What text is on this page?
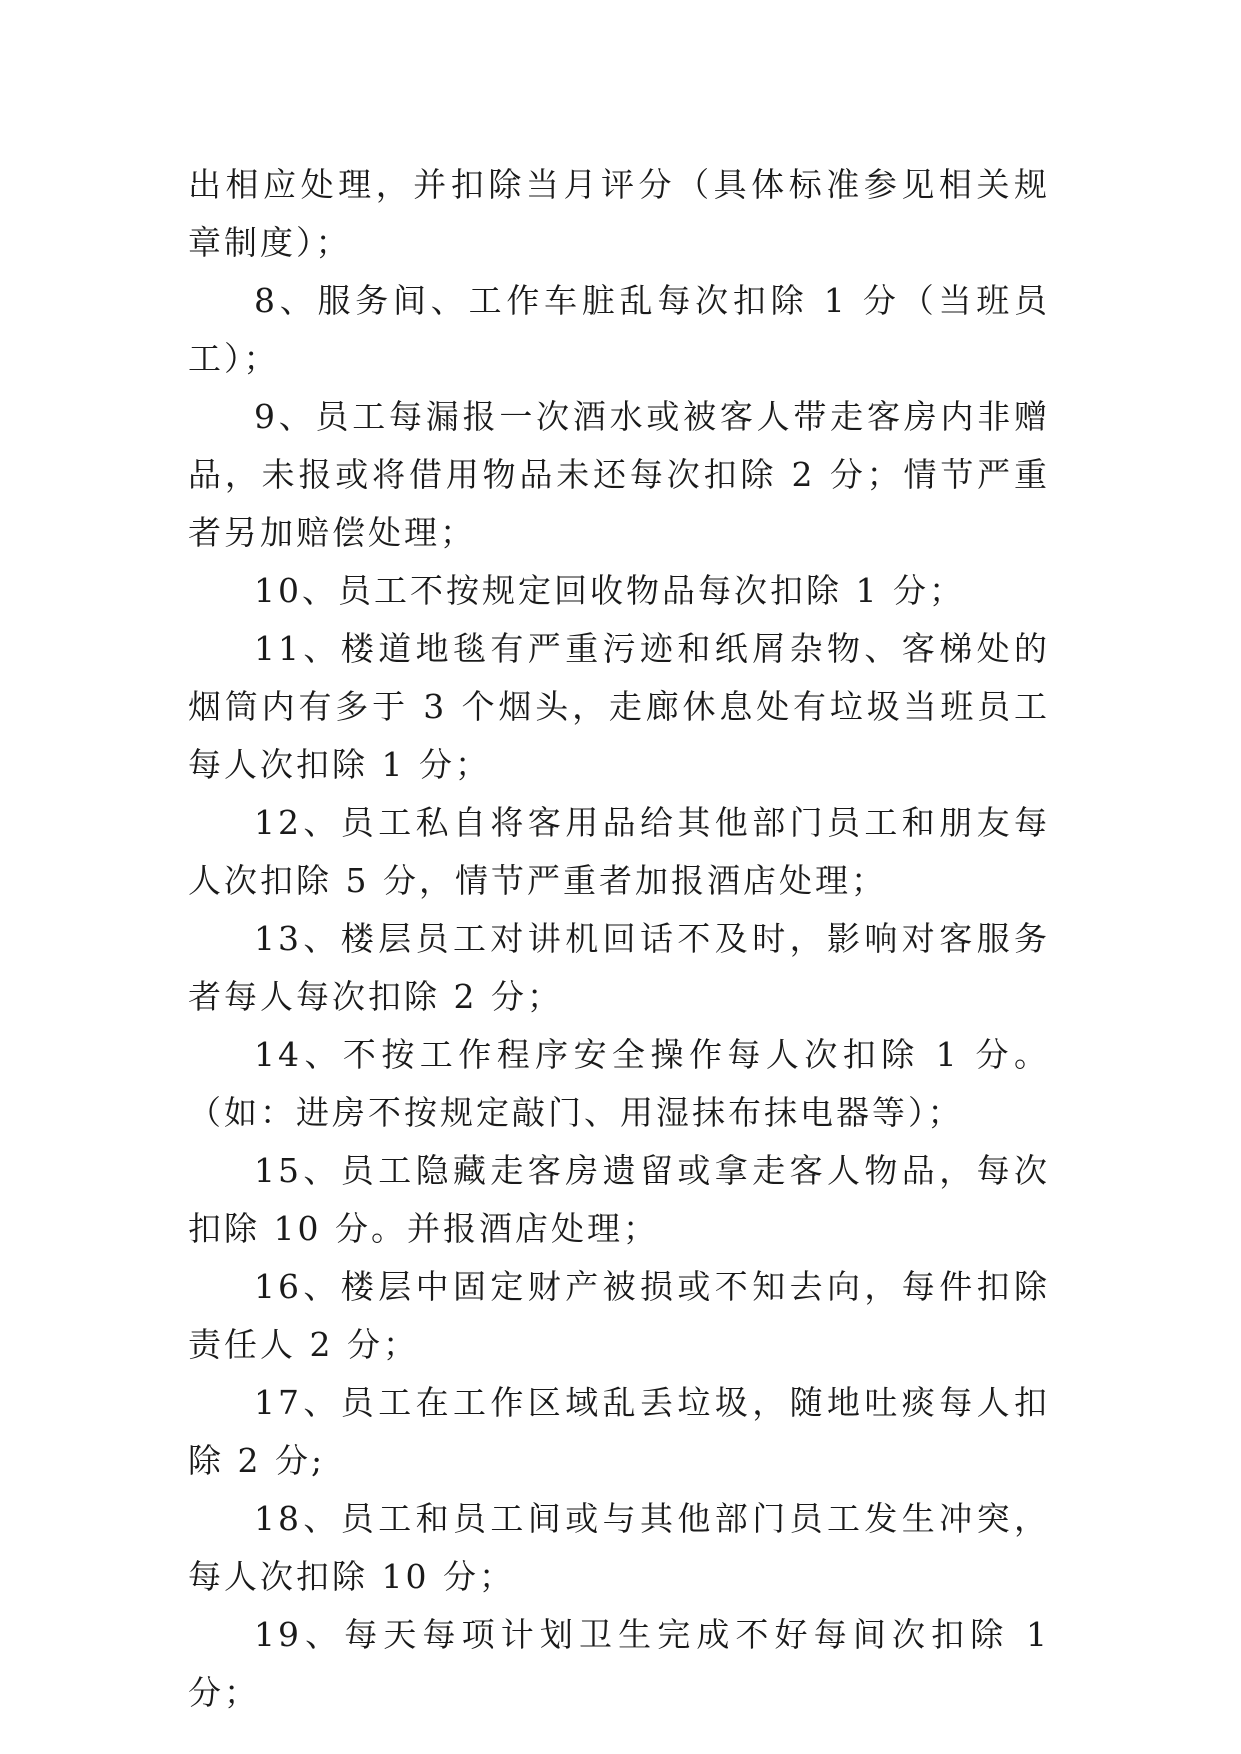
出相应处理，并扣除当月评分（具体标准参见相关规章制度）；

8、服务间、工作车脏乱每次扣除 1 分（当班员工）；

9、员工每漏报一次酒水或被客人带走客房内非赠品，未报或将借用物品未还每次扣除 2 分；情节严重者另加赔偿处理；

10、员工不按规定回收物品每次扣除 1 分；

11、楼道地毯有严重污迹和纸屑杂物、客梯处的烟筒内有多于 3 个烟头，走廊休息处有垃圾当班员工每人次扣除 1 分；

12、员工私自将客用品给其他部门员工和朋友每人次扣除 5 分，情节严重者加报酒店处理；

13、楼层员工对讲机回话不及时，影响对客服务者每人每次扣除 2 分；

14、不按工作程序安全操作每人次扣除 1 分。（如：进房不按规定敲门、用湿抹布抹电器等）；

15、员工隐藏走客房遗留或拿走客人物品，每次扣除 10 分。并报酒店处理；

16、楼层中固定财产被损或不知去向，每件扣除责任人 2 分；

17、员工在工作区域乱丢垃圾，随地吐痰每人扣除 2 分;

18、员工和员工间或与其他部门员工发生冲突，每人次扣除 10 分；

19、每天每项计划卫生完成不好每间次扣除 1 分；
